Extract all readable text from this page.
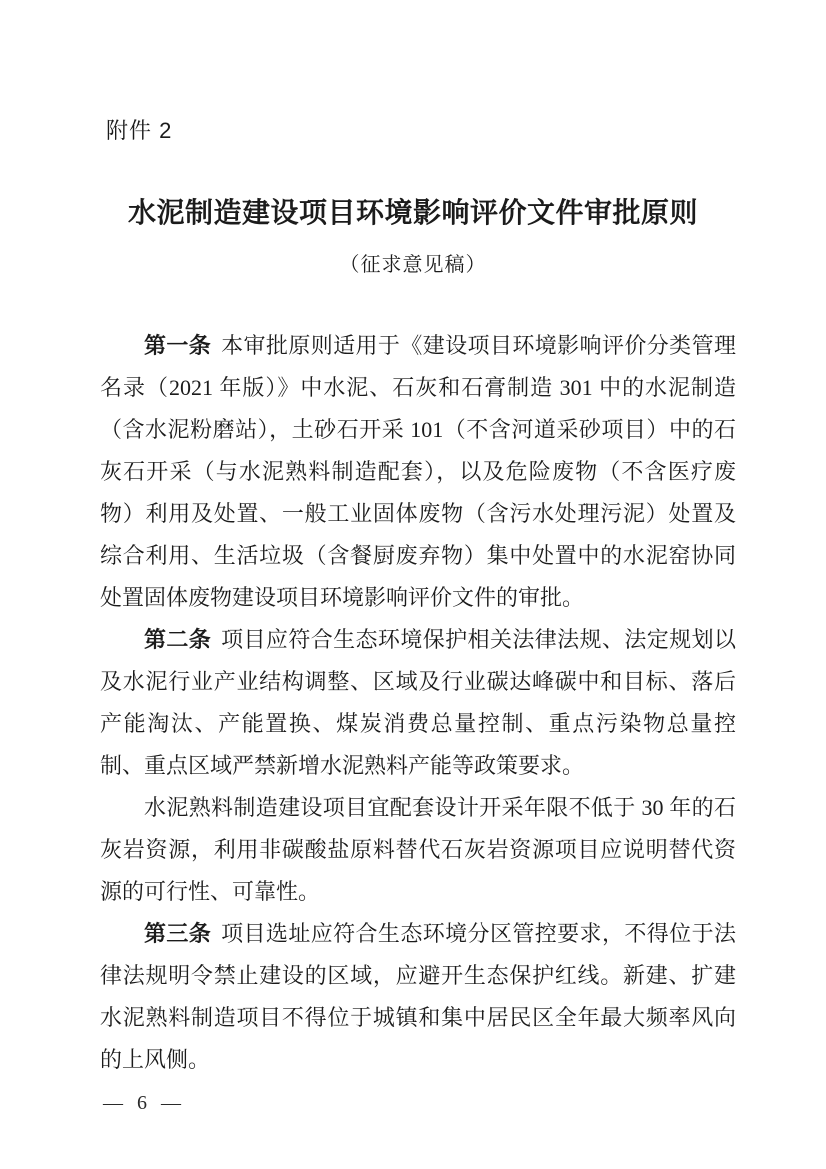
附件 2
水泥制造建设项目环境影响评价文件审批原则
（征求意见稿）

第一条 本审批原则适用于《建设项目环境影响评价分类管理名录（2021 年版）》中水泥、石灰和石膏制造 301 中的水泥制造（含水泥粉磨站），土砂石开采 101（不含河道采砂项目）中的石灰石开采（与水泥熟料制造配套），以及危险废物（不含医疗废物）利用及处置、一般工业固体废物（含污水处理污泥）处置及综合利用、生活垃圾（含餐厨废弃物）集中处置中的水泥窑协同处置固体废物建设项目环境影响评价文件的审批。

第二条 项目应符合生态环境保护相关法律法规、法定规划以及水泥行业产业结构调整、区域及行业碳达峰碳中和目标、落后产能淘汰、产能置换、煤炭消费总量控制、重点污染物总量控制、重点区域严禁新增水泥熟料产能等政策要求。

水泥熟料制造建设项目宜配套设计开采年限不低于 30 年的石灰岩资源，利用非碳酸盐原料替代石灰岩资源项目应说明替代资源的可行性、可靠性。

第三条 项目选址应符合生态环境分区管控要求，不得位于法律法规明令禁止建设的区域，应避开生态保护红线。新建、扩建水泥熟料制造项目不得位于城镇和集中居民区全年最大频率风向的上风侧。

— 6 —
